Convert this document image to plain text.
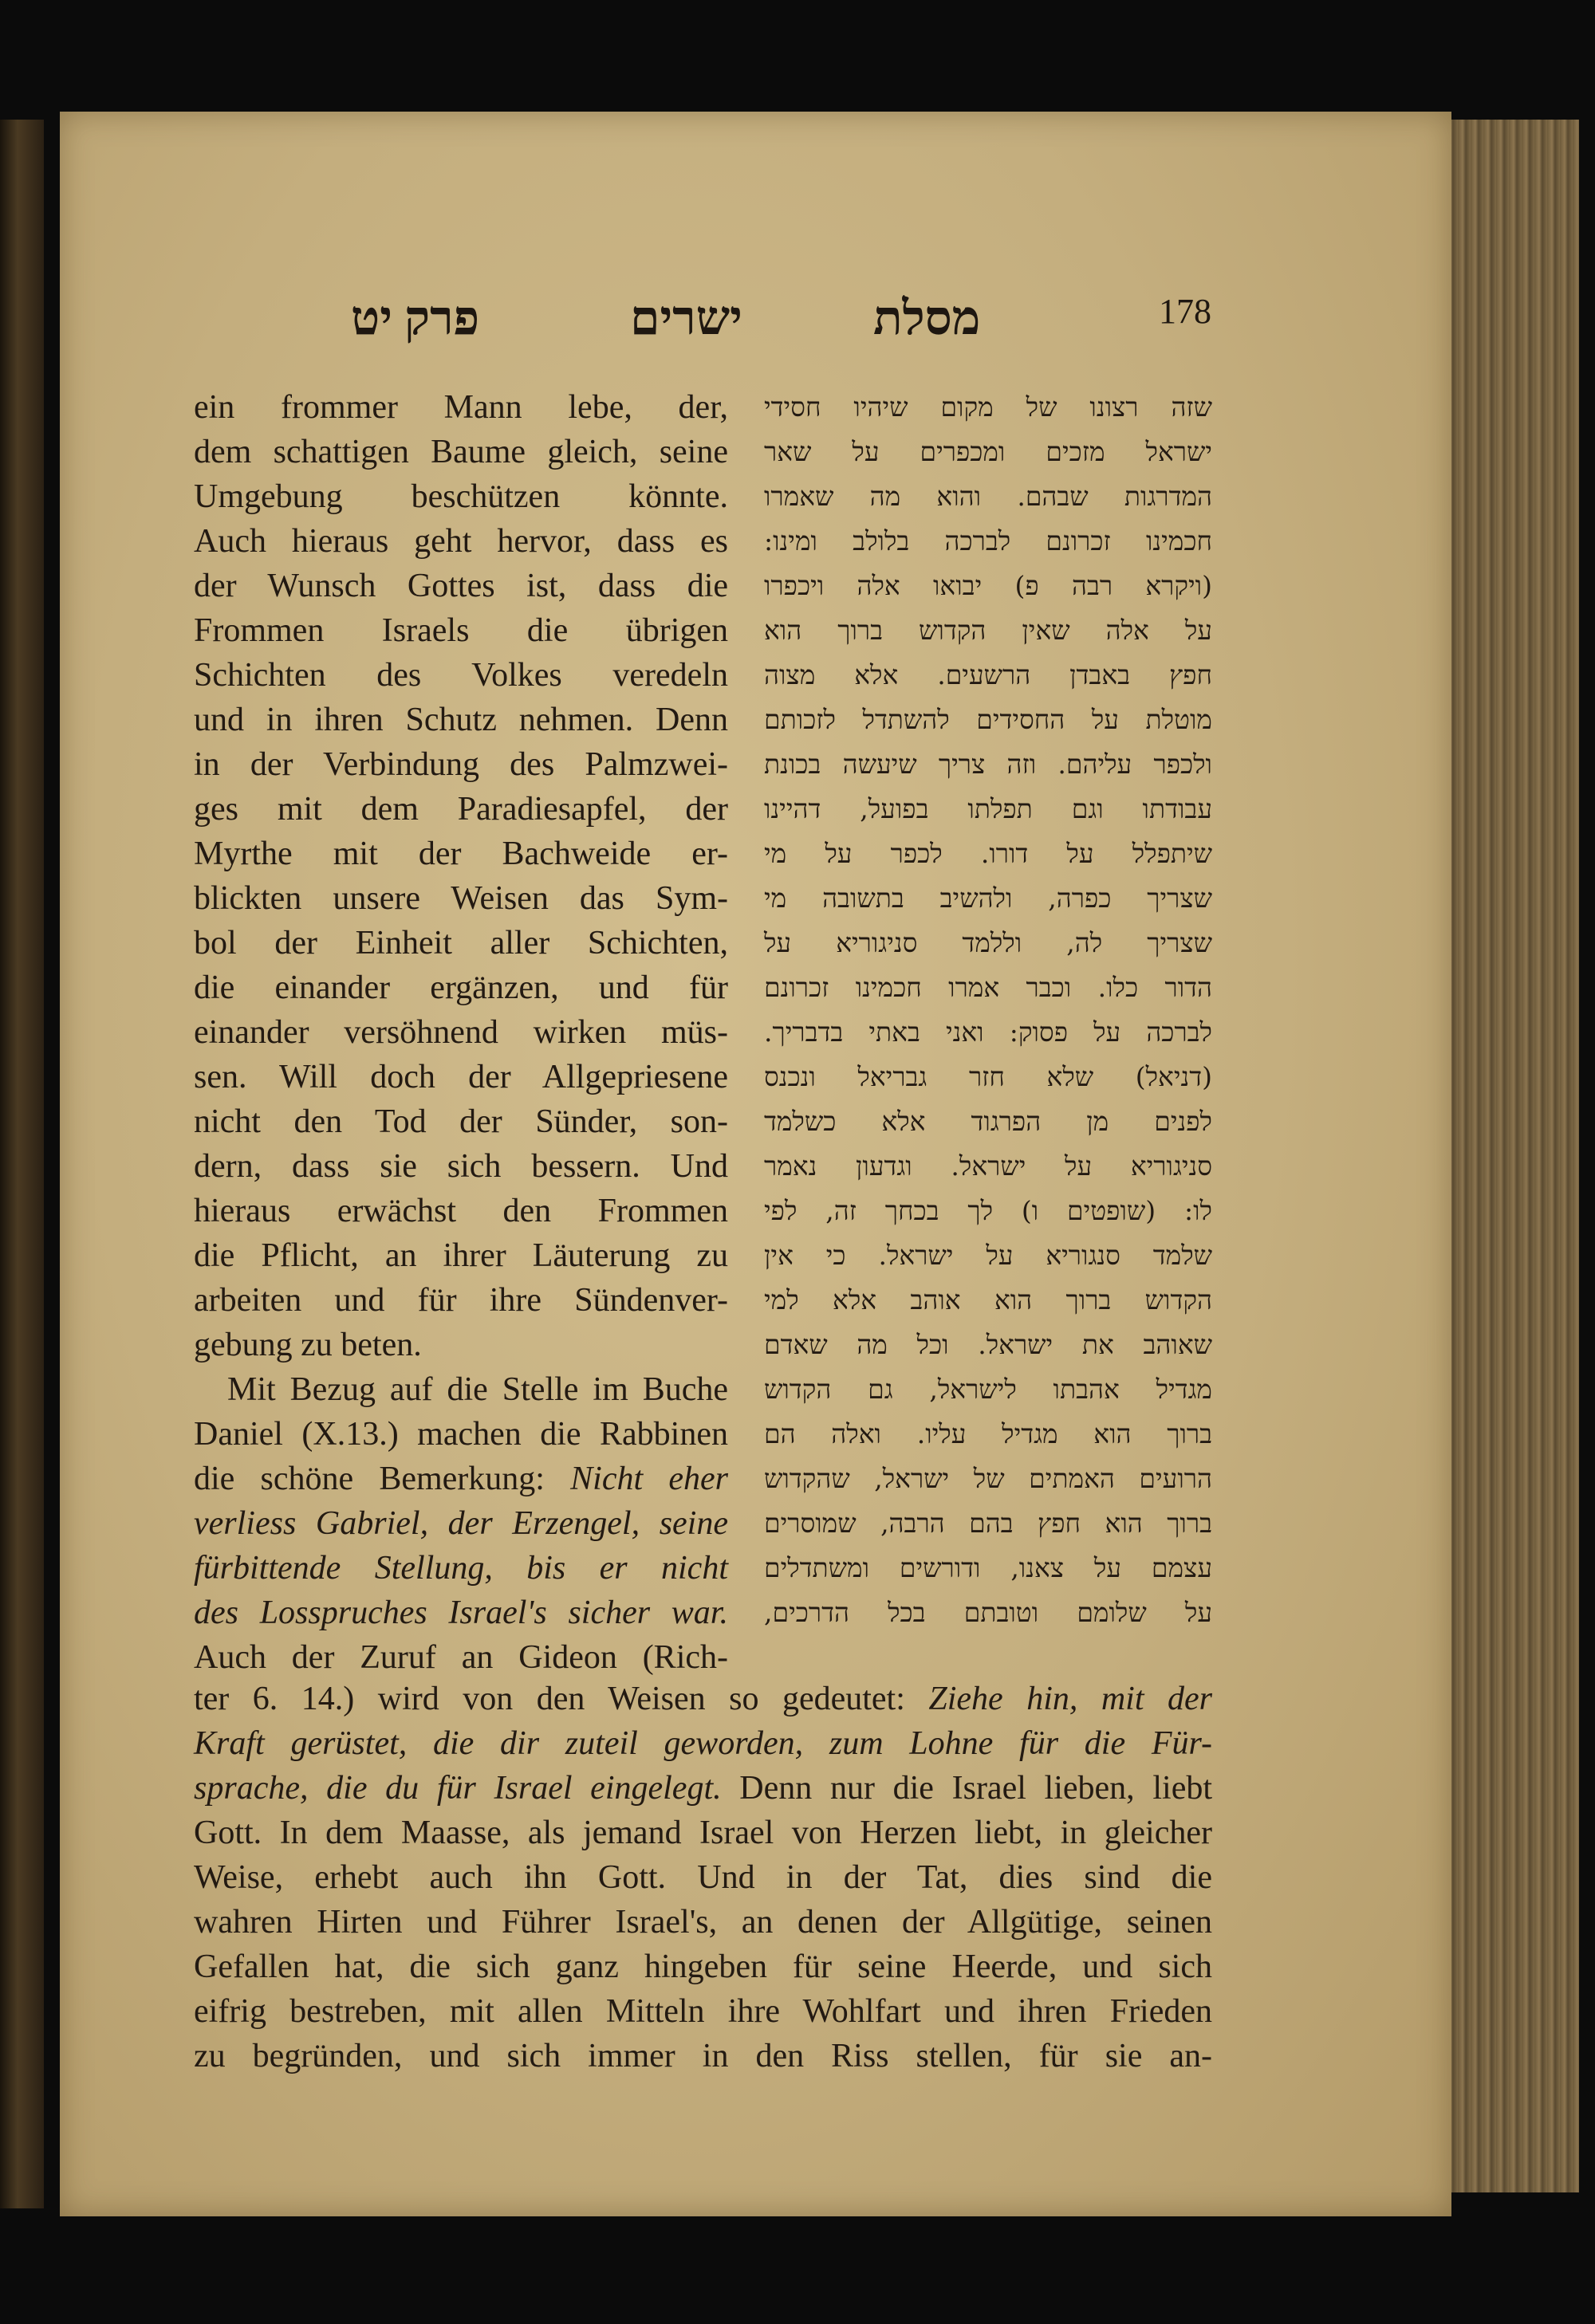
פרק יט	ישרים	מסלת	178
ein frommer Mann lebe, der,
dem schattigen Baume gleich, seine
Umgebung beschützen könnte.
Auch hieraus geht hervor, dass es
der Wunsch Gottes ist, dass die
Frommen Israels die übrigen
Schichten des Volkes veredeln
und in ihren Schutz nehmen. Denn
in der Verbindung des Palmzwei-
ges mit dem Paradiesapfel, der
Myrthe mit der Bachweide er-
blickten unsere Weisen das Sym-
bol der Einheit aller Schichten,
die einander ergänzen, und für
einander versöhnend wirken müs-
sen. Will doch der Allgepriesene
nicht den Tod der Sünder, son-
dern, dass sie sich bessern. Und
hieraus erwächst den Frommen
die Pflicht, an ihrer Läuterung zu
arbeiten und für ihre Sündenver-
gebung zu beten.
Mit Bezug auf die Stelle im Buche
Daniel (X.13.) machen die Rabbinen
die schöne Bemerkung: Nicht eher
verliess Gabriel, der Erzengel, seine
fürbittende Stellung, bis er nicht
des Losspruches Israel's sicher war.
Auch der Zuruf an Gideon (Rich-
שזה רצונו של מקום שיהיו חסידי
ישראל מזכים ומכפרים על שאר
המדרגות שבהם. והוא מה שאמרו
חכמינו זכרונם לברכה בלולב ומינו:
(ויקרא רבה פ) יבואו אלה ויכפרו
על אלה שאין הקדוש ברוך הוא
חפץ באבדן הרשעים. אלא מצוה
מוטלת על החסידים להשתדל לזכותם
ולכפר עליהם. וזה צריך שיעשה בכונת
עבודתו וגם תפלתו בפועל, דהיינו
שיתפלל על דורו. לכפר על מי
שצריך כפרה, ולהשיב בתשובה מי
שצריך לה, וללמד סניגוריא על
הדור כלו. וכבר אמרו חכמינו זכרונם
לברכה על פסוק: ואני באתי בדבריך.
(דניאל) שלא חזר גבריאל ונכנס
לפנים מן הפרגוד אלא כשלמד
סניגוריא על ישראל. וגדעון נאמר
לו: (שופטים ו) לך בכחך זה, לפי
שלמד סנגוריא על ישראל. כי אין
הקדוש ברוך הוא אוהב אלא למי
שאוהב את ישראל. וכל מה שאדם
מגדיל אהבתו לישראל, גם הקדוש
ברוך הוא מגדיל עליו. ואלה הם
הרועים האמתים של ישראל, שהקדוש
ברוך הוא חפץ בהם הרבה, שמוסרים
עצמם על צאנו, ודורשים ומשתדלים
על שלומם וטובתם בכל הדרכים,
ter 6. 14.) wird von den Weisen so gedeutet: Ziehe hin, mit der
Kraft gerüstet, die dir zuteil geworden, zum Lohne für die Für-
sprache, die du für Israel eingelegt. Denn nur die Israel lieben, liebt
Gott. In dem Maasse, als jemand Israel von Herzen liebt, in gleicher
Weise, erhebt auch ihn Gott. Und in der Tat, dies sind die
wahren Hirten und Führer Israel's, an denen der Allgütige, seinen
Gefallen hat, die sich ganz hingeben für seine Heerde, und sich
eifrig bestreben, mit allen Mitteln ihre Wohlfart und ihren Frieden
zu begründen, und sich immer in den Riss stellen, für sie an-
